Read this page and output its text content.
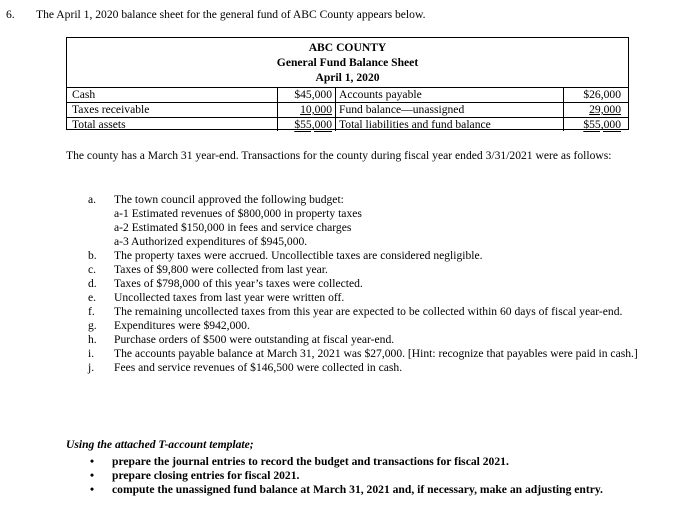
6. The April 1, 2020 balance sheet for the general fund of ABC County appears below.
ABC COUNTY
General Fund Balance Sheet
April 1, 2020
Cash	$45,000 Accounts payable	$26,000
Taxes receivable	10,000 Fund balance—unassigned	29,000
Total assets	$55,000 Total liabilities and fund balance	$55,000
The county has a March 31 year-end. Transactions for the county during fiscal year ended 3/31/2021 were as follows:
a.	The town council approved the following budget:
a-1 Estimated revenues of $800,000 in property taxes
a-2 Estimated $150,000 in fees and service charges
a-3 Authorized expenditures of $945,000.
b.	The property taxes were accrued. Uncollectible taxes are considered negligible.
c.	Taxes of $9,800 were collected from last year.
d.	Taxes of $798,000 of this year’s taxes were collected.
e.	Uncollected taxes from last year were written off.
f.	The remaining uncollected taxes from this year are expected to be collected within 60 days of fiscal year-end.
g.	Expenditures were $942,000.
h.	Purchase orders of $500 were outstanding at fiscal year-end.
i.	The accounts payable balance at March 31, 2021 was $27,000. [Hint: recognize that payables were paid in cash.]
j.	Fees and service revenues of $146,500 were collected in cash.
Using the attached T-account template;
• prepare the journal entries to record the budget and transactions for fiscal 2021.
• prepare closing entries for fiscal 2021.
• compute the unassigned fund balance at March 31, 2021 and, if necessary, make an adjusting entry.
